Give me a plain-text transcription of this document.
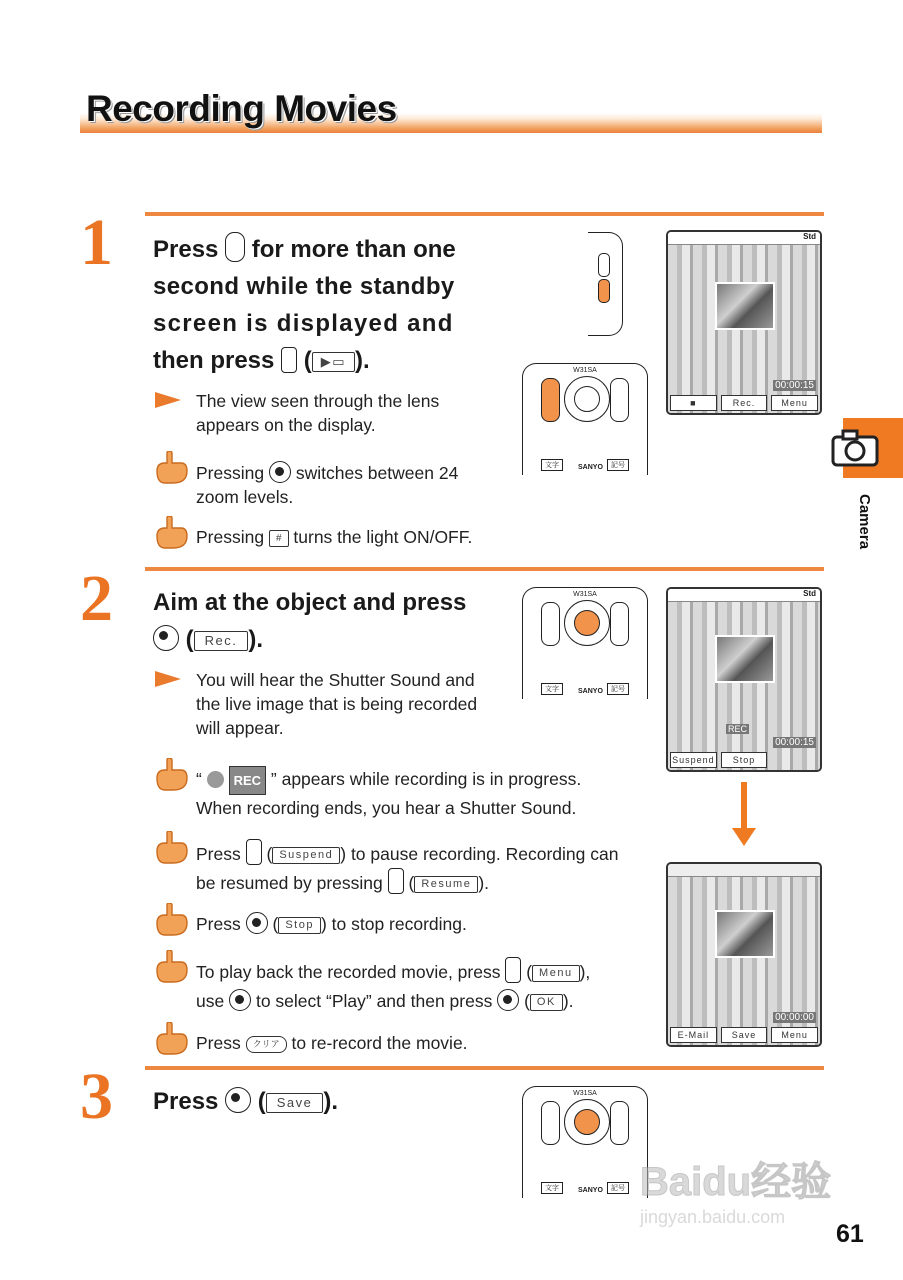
Recording Movies
Camera
1 Press for more than one
second while the standby
screen is displayed and
then press ( ▶▭ ).
The view seen through the lens appears on the display.
Pressing switches between 24 zoom levels.
Pressing # turns the light ON/OFF.
W31SA
文字	SANYO	記号
Std
00:00:15
■	Rec.	Menu
2 Aim at the object and press
( Rec. ).
You will hear the Shutter Sound and the live image that is being recorded will appear.
“ REC ” appears while recording is in progress.
When recording ends, you hear a Shutter Sound.
Press  ( Suspend ) to pause recording. Recording can
be resumed by pressing  ( Resume ).
Press  ( Stop ) to stop recording.
To play back the recorded movie, press  ( Menu ),
use to select “Play” and then press  ( OK ).
Press クリア to re-record the movie.
W31SA
文字	SANYO	記号
Std
REC
00:00:15
Suspend	Stop
00:00:00
E-Mail	Save	Menu
3 Press  ( Save ).	W31SA
文字	SANYO	記号 Baidu经验
jingyan.baidu.com
61
